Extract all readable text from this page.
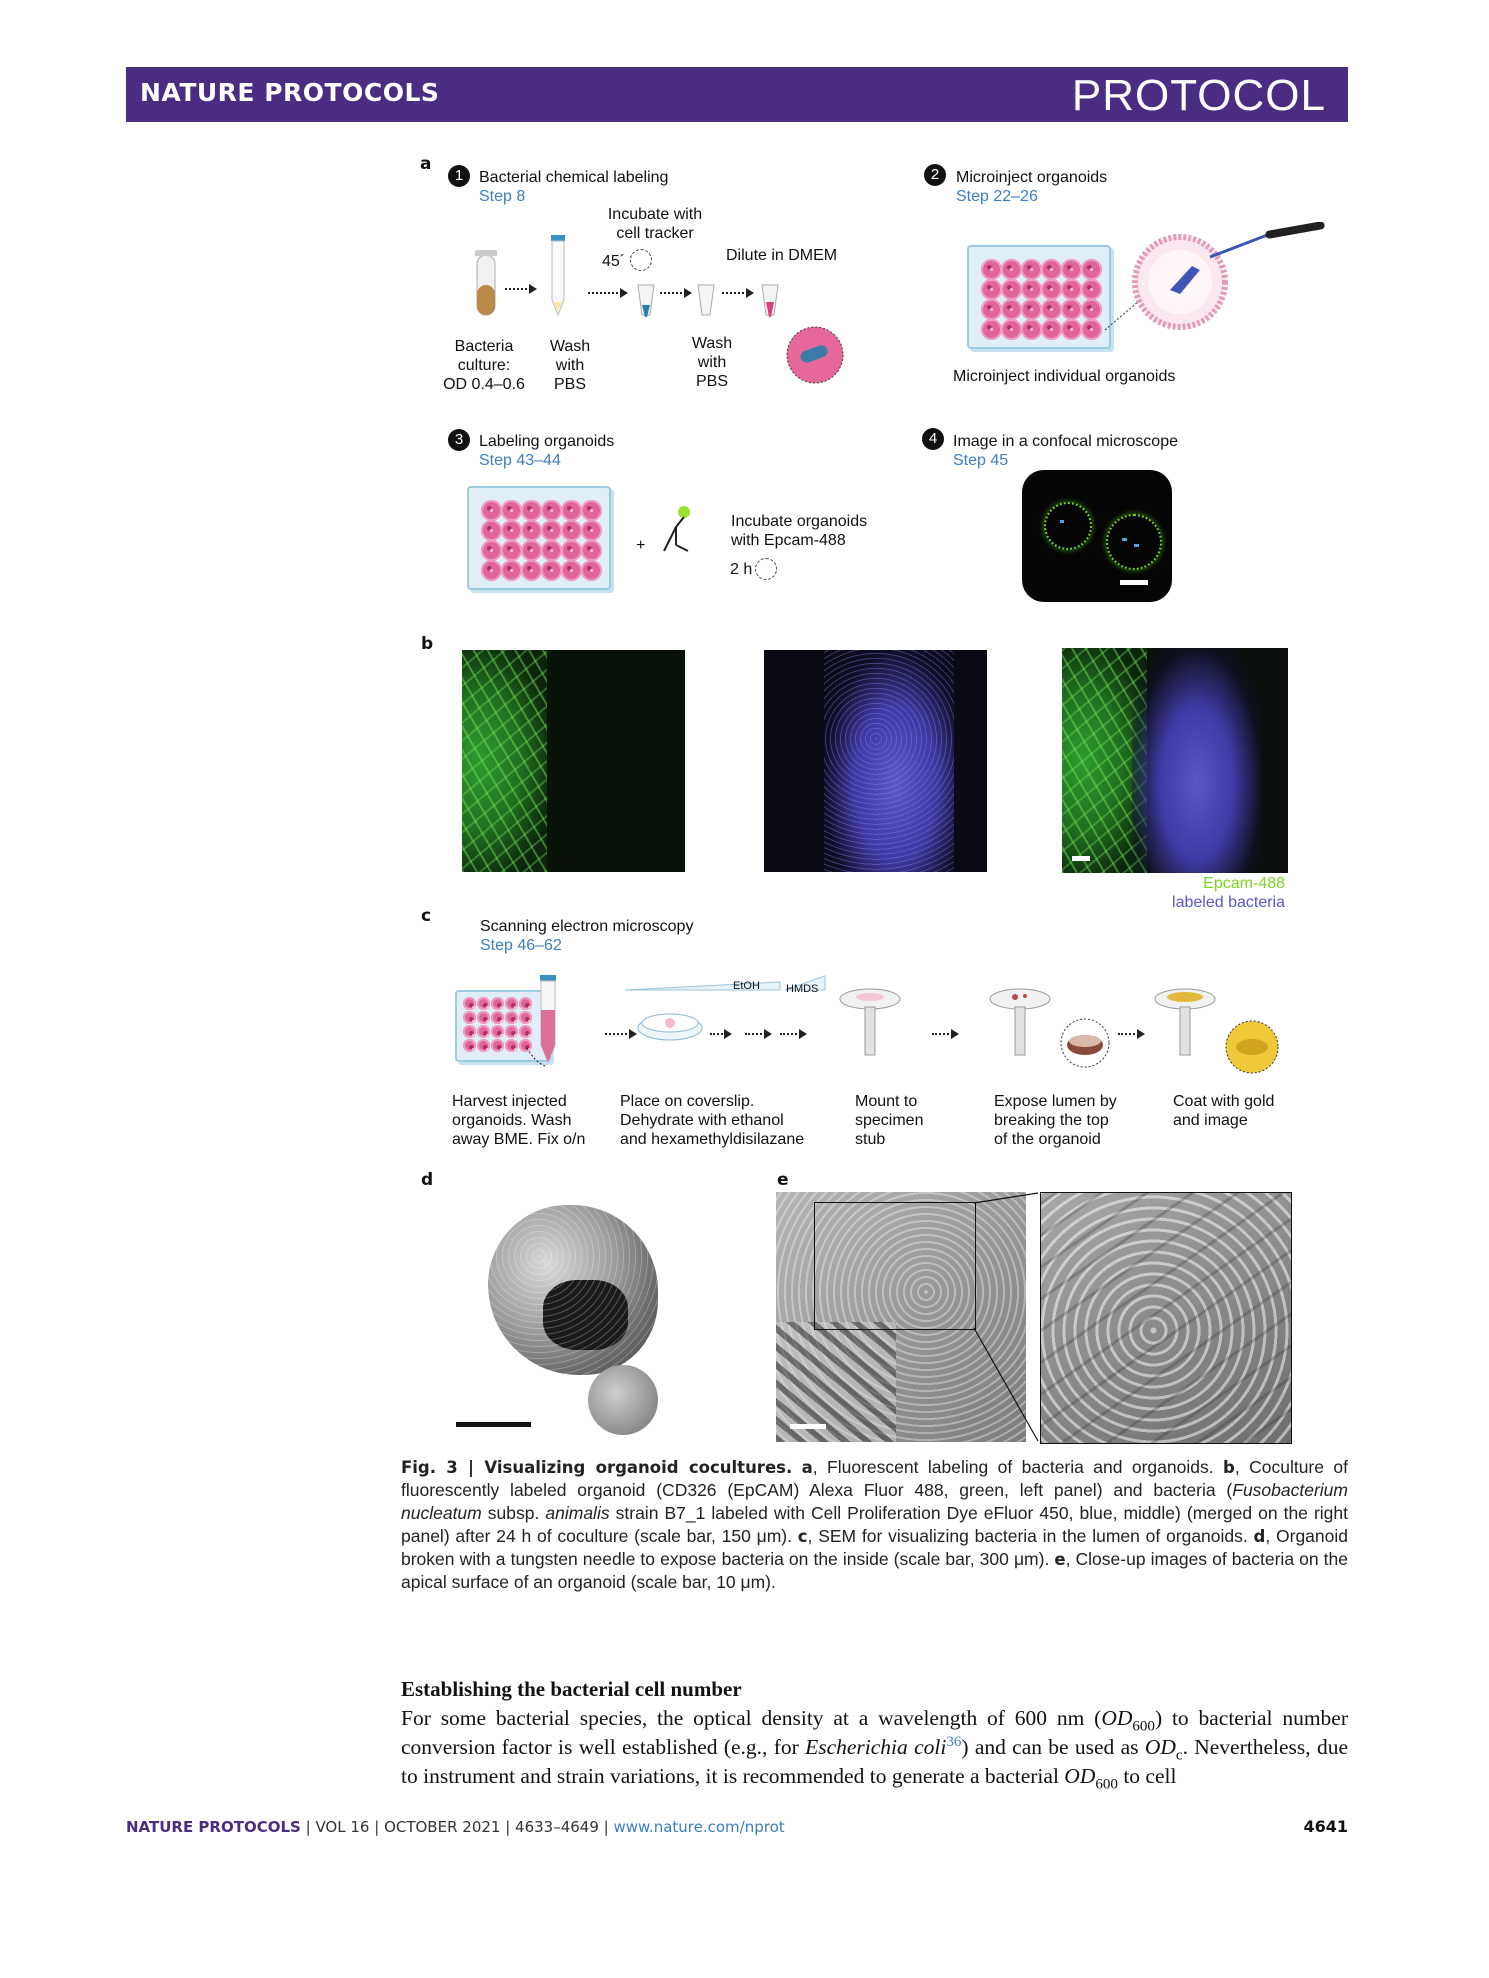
NATURE PROTOCOLS	PROTOCOL
a
1 Bacterial chemical labeling
Step 8
Incubate with
cell tracker
45´	Dilute in DMEM
Bacteria
culture:
OD 0.4–0.6
Wash
with
PBS
Wash
with
PBS
2	Microinject organoids
Step 22–26
Microinject individual organoids
3 Labeling organoids
Step 43–44
+
Incubate organoids
with Epcam-488
2 h
4 Image in a confocal microscope
Step 45
b
Epcam-488
labeled bacteria
c
Scanning electron microscopy
Step 46–62
EtOH HMDS
Harvest injected
organoids. Wash
away BME. Fix o/n
Place on coverslip.
Dehydrate with ethanol
and hexamethyldisilazane
Mount to
specimen
stub
Expose lumen by
breaking the top
of the organoid
Coat with gold
and image
d	e
Fig. 3 | Visualizing organoid cocultures. a, Fluorescent labeling of bacteria and organoids. b, Coculture of fluorescently labeled organoid (CD326 (EpCAM) Alexa Fluor 488, green, left panel) and bacteria (Fusobacterium nucleatum subsp. animalis strain B7_1 labeled with Cell Proliferation Dye eFluor 450, blue, middle) (merged on the right panel) after 24 h of coculture (scale bar, 150 μm). c, SEM for visualizing bacteria in the lumen of organoids. d, Organoid broken with a tungsten needle to expose bacteria on the inside (scale bar, 300 μm). e, Close-up images of bacteria on the apical surface of an organoid (scale bar, 10 μm).
Establishing the bacterial cell number
For some bacterial species, the optical density at a wavelength of 600 nm $(OD_{600})$ to bacterial number conversion factor is well established (e.g., for Escherichia coli$^{36}$) and can be used as $OD_c$. Nevertheless, due to instrument and strain variations, it is recommended to generate a bacterial $OD_{600}$ to cell
NATURE PROTOCOLS | VOL 16 | OCTOBER 2021 | 4633–4649 | www.nature.com/nprot	4641
